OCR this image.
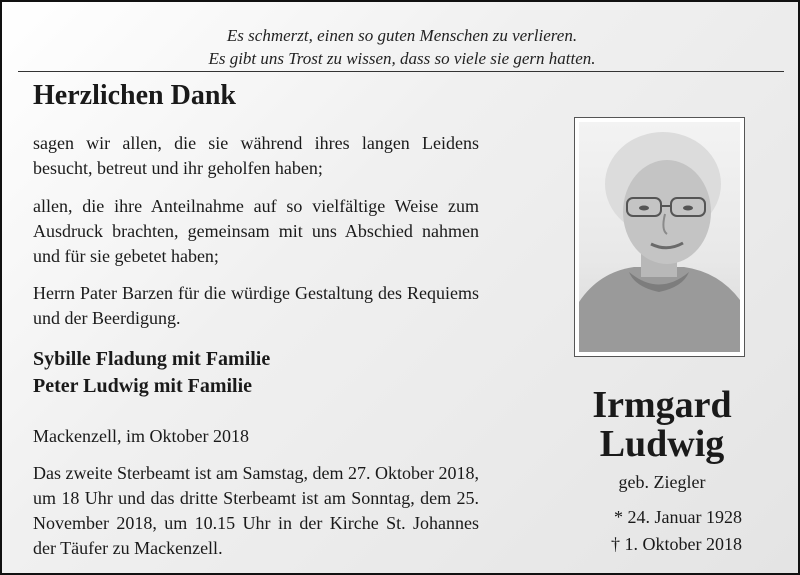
Es schmerzt, einen so guten Menschen zu verlieren.
Es gibt uns Trost zu wissen, dass so viele sie gern hatten.
Herzlichen Dank
sagen wir allen, die sie während ihres langen Leidens besucht, betreut und ihr geholfen haben;
allen, die ihre Anteilnahme auf so vielfältige Weise zum Ausdruck brachten, gemeinsam mit uns Abschied nahmen und für sie gebetet haben;
Herrn Pater Barzen für die würdige Gestaltung des Requiems und der Beerdigung.
Sybille Fladung mit Familie
Peter Ludwig mit Familie
Mackenzell, im Oktober 2018
Das zweite Sterbeamt ist am Samstag, dem 27. Oktober 2018, um 18 Uhr und das dritte Sterbeamt ist am Sonntag, dem 25. November 2018, um 10.15 Uhr in der Kirche St. Johannes der Täufer zu Mackenzell.
Irmgard
Ludwig
geb. Ziegler
* 24. Januar 1928
† 1. Oktober 2018
